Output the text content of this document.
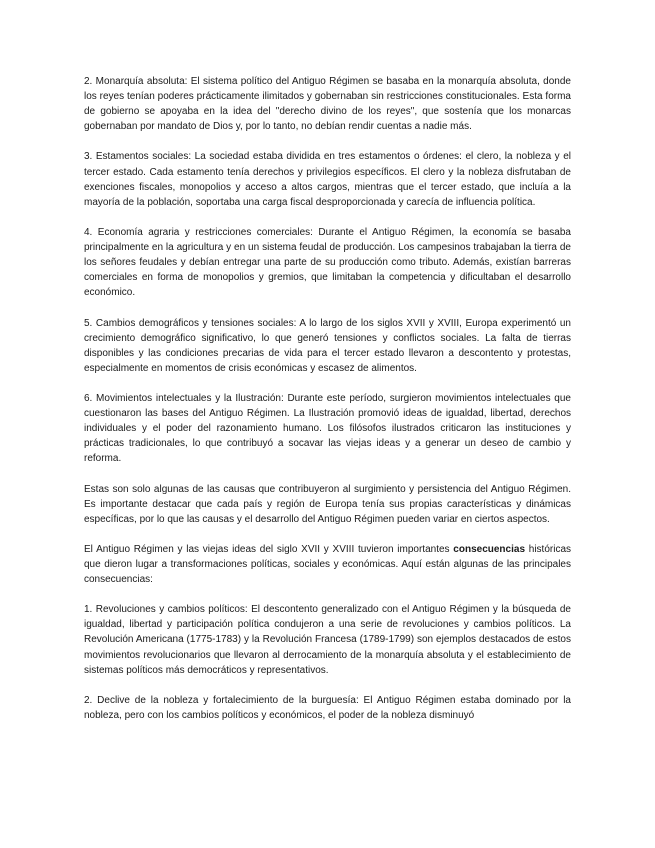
2. Monarquía absoluta: El sistema político del Antiguo Régimen se basaba en la monarquía absoluta, donde los reyes tenían poderes prácticamente ilimitados y gobernaban sin restricciones constitucionales. Esta forma de gobierno se apoyaba en la idea del "derecho divino de los reyes", que sostenía que los monarcas gobernaban por mandato de Dios y, por lo tanto, no debían rendir cuentas a nadie más.

3. Estamentos sociales: La sociedad estaba dividida en tres estamentos o órdenes: el clero, la nobleza y el tercer estado. Cada estamento tenía derechos y privilegios específicos. El clero y la nobleza disfrutaban de exenciones fiscales, monopolios y acceso a altos cargos, mientras que el tercer estado, que incluía a la mayoría de la población, soportaba una carga fiscal desproporcionada y carecía de influencia política.

4. Economía agraria y restricciones comerciales: Durante el Antiguo Régimen, la economía se basaba principalmente en la agricultura y en un sistema feudal de producción. Los campesinos trabajaban la tierra de los señores feudales y debían entregar una parte de su producción como tributo. Además, existían barreras comerciales en forma de monopolios y gremios, que limitaban la competencia y dificultaban el desarrollo económico.

5. Cambios demográficos y tensiones sociales: A lo largo de los siglos XVII y XVIII, Europa experimentó un crecimiento demográfico significativo, lo que generó tensiones y conflictos sociales. La falta de tierras disponibles y las condiciones precarias de vida para el tercer estado llevaron a descontento y protestas, especialmente en momentos de crisis económicas y escasez de alimentos.

6. Movimientos intelectuales y la Ilustración: Durante este período, surgieron movimientos intelectuales que cuestionaron las bases del Antiguo Régimen. La Ilustración promovió ideas de igualdad, libertad, derechos individuales y el poder del razonamiento humano. Los filósofos ilustrados criticaron las instituciones y prácticas tradicionales, lo que contribuyó a socavar las viejas ideas y a generar un deseo de cambio y reforma.

Estas son solo algunas de las causas que contribuyeron al surgimiento y persistencia del Antiguo Régimen. Es importante destacar que cada país y región de Europa tenía sus propias características y dinámicas específicas, por lo que las causas y el desarrollo del Antiguo Régimen pueden variar en ciertos aspectos.

El Antiguo Régimen y las viejas ideas del siglo XVII y XVIII tuvieron importantes consecuencias históricas que dieron lugar a transformaciones políticas, sociales y económicas. Aquí están algunas de las principales consecuencias:

1. Revoluciones y cambios políticos: El descontento generalizado con el Antiguo Régimen y la búsqueda de igualdad, libertad y participación política condujeron a una serie de revoluciones y cambios políticos. La Revolución Americana (1775-1783) y la Revolución Francesa (1789-1799) son ejemplos destacados de estos movimientos revolucionarios que llevaron al derrocamiento de la monarquía absoluta y el establecimiento de sistemas políticos más democráticos y representativos.

2. Declive de la nobleza y fortalecimiento de la burguesía: El Antiguo Régimen estaba dominado por la nobleza, pero con los cambios políticos y económicos, el poder de la nobleza disminuyó
